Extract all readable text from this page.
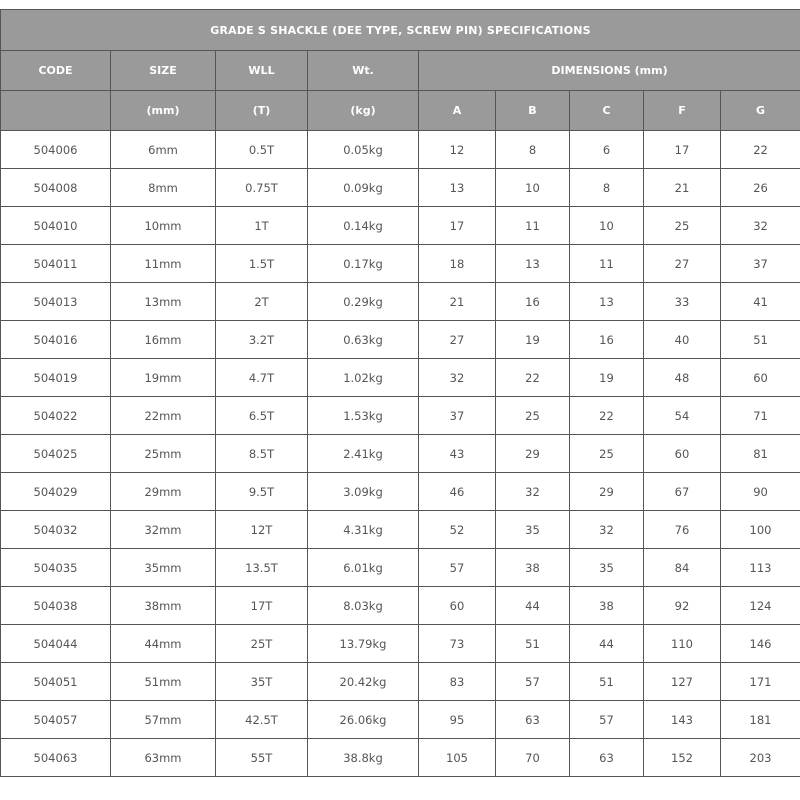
GRADE S SHACKLE (DEE TYPE, SCREW PIN) SPECIFICATIONS								
CODE	SIZE	WLL	Wt.	DIMENSIONS (mm)				
	(mm)	(T)	(kg)	A	B	C	F	G
504006	6mm	0.5T	0.05kg	12	8	6	17	22
504008	8mm	0.75T	0.09kg	13	10	8	21	26
504010	10mm	1T	0.14kg	17	11	10	25	32
504011	11mm	1.5T	0.17kg	18	13	11	27	37
504013	13mm	2T	0.29kg	21	16	13	33	41
504016	16mm	3.2T	0.63kg	27	19	16	40	51
504019	19mm	4.7T	1.02kg	32	22	19	48	60
504022	22mm	6.5T	1.53kg	37	25	22	54	71
504025	25mm	8.5T	2.41kg	43	29	25	60	81
504029	29mm	9.5T	3.09kg	46	32	29	67	90
504032	32mm	12T	4.31kg	52	35	32	76	100
504035	35mm	13.5T	6.01kg	57	38	35	84	113
504038	38mm	17T	8.03kg	60	44	38	92	124
504044	44mm	25T	13.79kg	73	51	44	110	146
504051	51mm	35T	20.42kg	83	57	51	127	171
504057	57mm	42.5T	26.06kg	95	63	57	143	181
504063	63mm	55T	38.8kg	105	70	63	152	203
